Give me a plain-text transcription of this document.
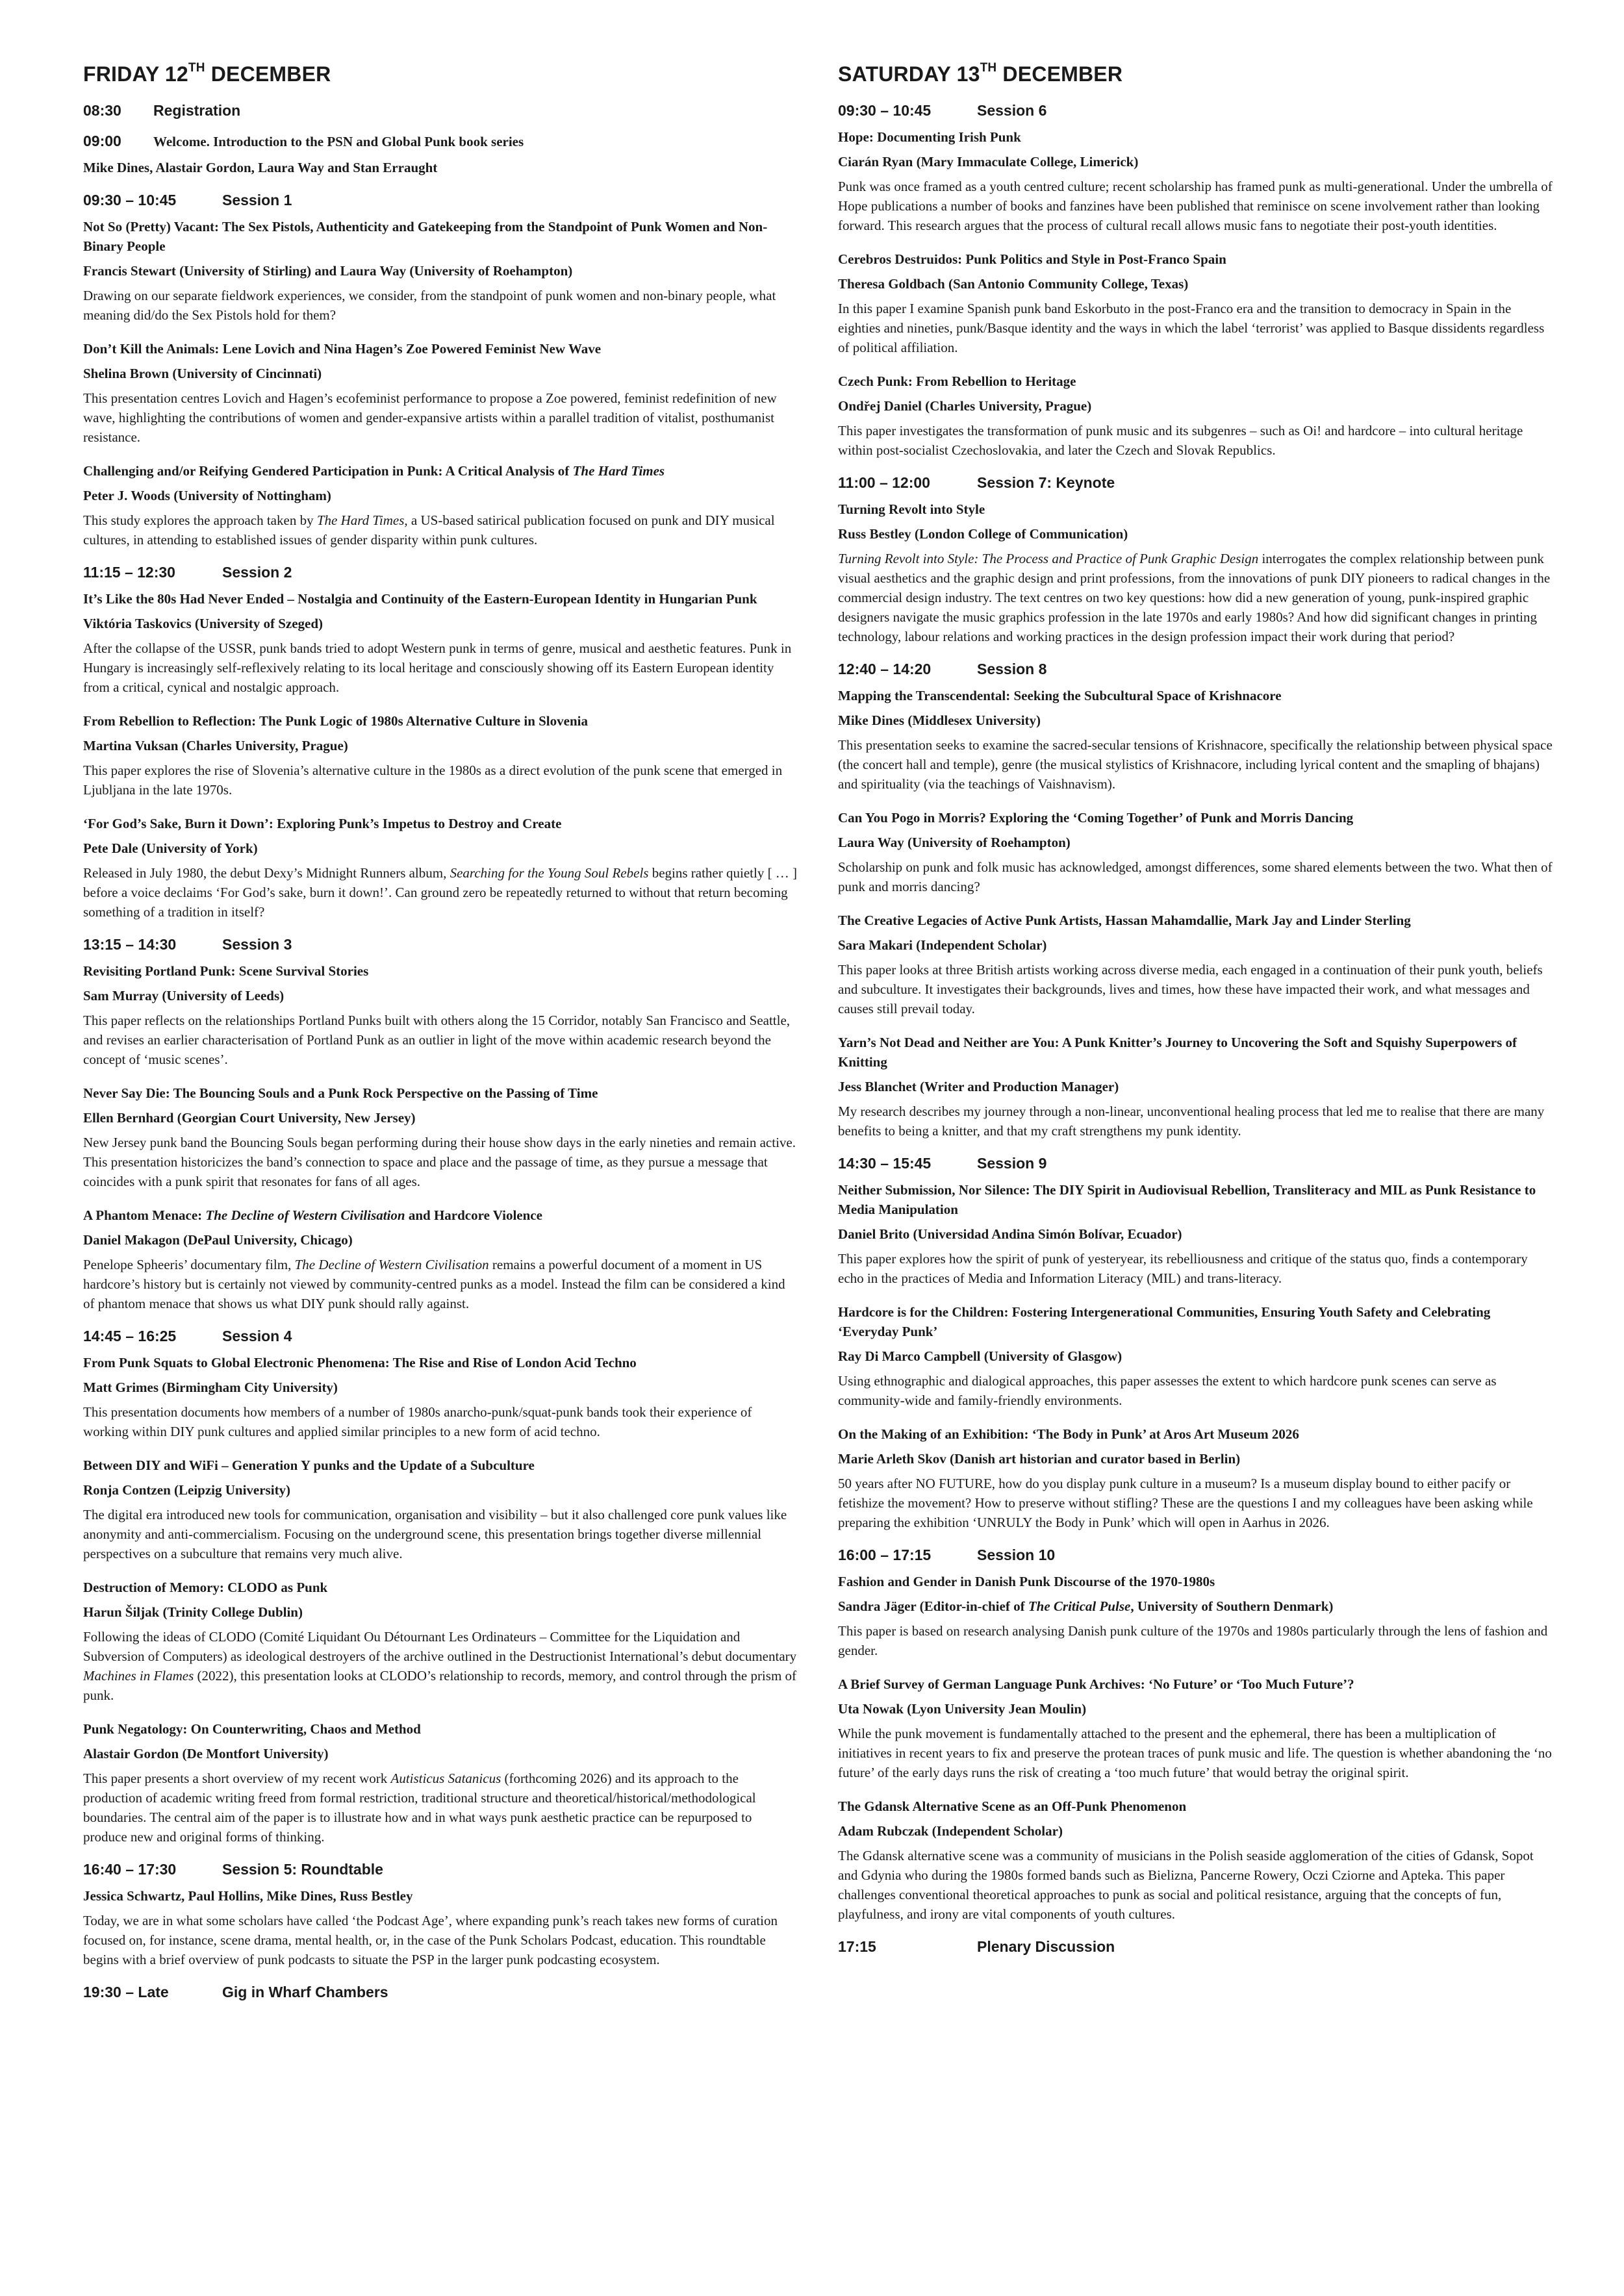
FRIDAY 12TH DECEMBER
08:30	Registration
09:00	Welcome. Introduction to the PSN and Global Punk book series

Mike Dines, Alastair Gordon, Laura Way and Stan Erraught

09:30 – 10:45	Session 1

Not So (Pretty) Vacant: The Sex Pistols, Authenticity and Gatekeeping from the Standpoint of Punk Women and Non-Binary People

Francis Stewart (University of Stirling) and Laura Way (University of Roehampton)

Drawing on our separate fieldwork experiences, we consider, from the standpoint of punk women and non-binary people, what meaning did/do the Sex Pistols hold for them?

Don’t Kill the Animals: Lene Lovich and Nina Hagen’s Zoe Powered Feminist New Wave

Shelina Brown (University of Cincinnati)

This presentation centres Lovich and Hagen’s ecofeminist performance to propose a Zoe powered, feminist redefinition of new wave, highlighting the contributions of women and gender-expansive artists within a parallel tradition of vitalist, posthumanist resistance.

Challenging and/or Reifying Gendered Participation in Punk: A Critical Analysis of The Hard Times

Peter J. Woods (University of Nottingham)

This study explores the approach taken by The Hard Times, a US-based satirical publication focused on punk and DIY musical cultures, in attending to established issues of gender disparity within punk cultures.

11:15 – 12:30	Session 2

It’s Like the 80s Had Never Ended – Nostalgia and Continuity of the Eastern-European Identity in Hungarian Punk

Viktória Taskovics (University of Szeged)

After the collapse of the USSR, punk bands tried to adopt Western punk in terms of genre, musical and aesthetic features. Punk in Hungary is increasingly self-reflexively relating to its local heritage and consciously showing off its Eastern European identity from a critical, cynical and nostalgic approach.

From Rebellion to Reflection: The Punk Logic of 1980s Alternative Culture in Slovenia

Martina Vuksan (Charles University, Prague)

This paper explores the rise of Slovenia’s alternative culture in the 1980s as a direct evolution of the punk scene that emerged in Ljubljana in the late 1970s.

‘For God’s Sake, Burn it Down’: Exploring Punk’s Impetus to Destroy and Create

Pete Dale (University of York)

Released in July 1980, the debut Dexy’s Midnight Runners album, Searching for the Young Soul Rebels begins rather quietly [ … ] before a voice declaims ‘For God’s sake, burn it down!’. Can ground zero be repeatedly returned to without that return becoming something of a tradition in itself?

13:15 – 14:30	Session 3

Revisiting Portland Punk: Scene Survival Stories

Sam Murray (University of Leeds)

This paper reflects on the relationships Portland Punks built with others along the 15 Corridor, notably San Francisco and Seattle, and revises an earlier characterisation of Portland Punk as an outlier in light of the move within academic research beyond the concept of ‘music scenes’.

Never Say Die: The Bouncing Souls and a Punk Rock Perspective on the Passing of Time

Ellen Bernhard (Georgian Court University, New Jersey)

New Jersey punk band the Bouncing Souls began performing during their house show days in the early nineties and remain active. This presentation historicizes the band’s connection to space and place and the passage of time, as they pursue a message that coincides with a punk spirit that resonates for fans of all ages.

A Phantom Menace: The Decline of Western Civilisation and Hardcore Violence

Daniel Makagon (DePaul University, Chicago)

Penelope Spheeris’ documentary film, The Decline of Western Civilisation remains a powerful document of a moment in US hardcore’s history but is certainly not viewed by community-centred punks as a model. Instead the film can be considered a kind of phantom menace that shows us what DIY punk should rally against.

14:45 – 16:25	Session 4

From Punk Squats to Global Electronic Phenomena: The Rise and Rise of London Acid Techno

Matt Grimes (Birmingham City University)

This presentation documents how members of a number of 1980s anarcho-punk/squat-punk bands took their experience of working within DIY punk cultures and applied similar principles to a new form of acid techno.

Between DIY and WiFi – Generation Y punks and the Update of a Subculture

Ronja Contzen (Leipzig University)

The digital era introduced new tools for communication, organisation and visibility – but it also challenged core punk values like anonymity and anti-commercialism. Focusing on the underground scene, this presentation brings together diverse millennial perspectives on a subculture that remains very much alive.

Destruction of Memory: CLODO as Punk

Harun Šiljak (Trinity College Dublin)

Following the ideas of CLODO (Comité Liquidant Ou Détournant Les Ordinateurs – Committee for the Liquidation and Subversion of Computers) as ideological destroyers of the archive outlined in the Destructionist International’s debut documentary Machines in Flames (2022), this presentation looks at CLODO’s relationship to records, memory, and control through the prism of punk.

Punk Negatology: On Counterwriting, Chaos and Method

Alastair Gordon (De Montfort University)

This paper presents a short overview of my recent work Autisticus Satanicus (forthcoming 2026) and its approach to the production of academic writing freed from formal restriction, traditional structure and theoretical/historical/methodological boundaries. The central aim of the paper is to illustrate how and in what ways punk aesthetic practice can be repurposed to produce new and original forms of thinking.

16:40 – 17:30	Session 5: Roundtable

Jessica Schwartz, Paul Hollins, Mike Dines, Russ Bestley

Today, we are in what some scholars have called ‘the Podcast Age’, where expanding punk’s reach takes new forms of curation focused on, for instance, scene drama, mental health, or, in the case of the Punk Scholars Podcast, education. This roundtable begins with a brief overview of punk podcasts to situate the PSP in the larger punk podcasting ecosystem.

19:30 – Late	Gig in Wharf Chambers
SATURDAY 13TH DECEMBER
09:30 – 10:45	Session 6

Hope: Documenting Irish Punk

Ciarán Ryan (Mary Immaculate College, Limerick)

Punk was once framed as a youth centred culture; recent scholarship has framed punk as multi-generational. Under the umbrella of Hope publications a number of books and fanzines have been published that reminisce on scene involvement rather than looking forward. This research argues that the process of cultural recall allows music fans to negotiate their post-youth identities.

Cerebros Destruidos: Punk Politics and Style in Post-Franco Spain

Theresa Goldbach (San Antonio Community College, Texas)

In this paper I examine Spanish punk band Eskorbuto in the post-Franco era and the transition to democracy in Spain in the eighties and nineties, punk/Basque identity and the ways in which the label ‘terrorist’ was applied to Basque dissidents regardless of political affiliation.

Czech Punk: From Rebellion to Heritage

Ondřej Daniel (Charles University, Prague)

This paper investigates the transformation of punk music and its subgenres – such as Oi! and hardcore – into cultural heritage within post-socialist Czechoslovakia, and later the Czech and Slovak Republics.

11:00 – 12:00	Session 7: Keynote

Turning Revolt into Style

Russ Bestley (London College of Communication)

Turning Revolt into Style: The Process and Practice of Punk Graphic Design interrogates the complex relationship between punk visual aesthetics and the graphic design and print professions, from the innovations of punk DIY pioneers to radical changes in the commercial design industry. The text centres on two key questions: how did a new generation of young, punk-inspired graphic designers navigate the music graphics profession in the late 1970s and early 1980s? And how did significant changes in printing technology, labour relations and working practices in the design profession impact their work during that period?

12:40 – 14:20	Session 8

Mapping the Transcendental: Seeking the Subcultural Space of Krishnacore

Mike Dines (Middlesex University)

This presentation seeks to examine the sacred-secular tensions of Krishnacore, specifically the relationship between physical space (the concert hall and temple), genre (the musical stylistics of Krishnacore, including lyrical content and the smapling of bhajans) and spirituality (via the teachings of Vaishnavism).

Can You Pogo in Morris? Exploring the ‘Coming Together’ of Punk and Morris Dancing

Laura Way (University of Roehampton)

Scholarship on punk and folk music has acknowledged, amongst differences, some shared elements between the two. What then of punk and morris dancing?

The Creative Legacies of Active Punk Artists, Hassan Mahamdallie, Mark Jay and Linder Sterling

Sara Makari (Independent Scholar)

This paper looks at three British artists working across diverse media, each engaged in a continuation of their punk youth, beliefs and subculture. It investigates their backgrounds, lives and times, how these have impacted their work, and what messages and causes still prevail today.

Yarn’s Not Dead and Neither are You: A Punk Knitter’s Journey to Uncovering the Soft and Squishy Superpowers of Knitting

Jess Blanchet (Writer and Production Manager)

My research describes my journey through a non-linear, unconventional healing process that led me to realise that there are many benefits to being a knitter, and that my craft strengthens my punk identity.

14:30 – 15:45	Session 9

Neither Submission, Nor Silence: The DIY Spirit in Audiovisual Rebellion, Transliteracy and MIL as Punk Resistance to Media Manipulation

Daniel Brito (Universidad Andina Simón Bolívar, Ecuador)

This paper explores how the spirit of punk of yesteryear, its rebelliousness and critique of the status quo, finds a contemporary echo in the practices of Media and Information Literacy (MIL) and trans-literacy.

Hardcore is for the Children: Fostering Intergenerational Communities, Ensuring Youth Safety and Celebrating ‘Everyday Punk’

Ray Di Marco Campbell (University of Glasgow)

Using ethnographic and dialogical approaches, this paper assesses the extent to which hardcore punk scenes can serve as community-wide and family-friendly environments.

On the Making of an Exhibition: ‘The Body in Punk’ at Aros Art Museum 2026

Marie Arleth Skov (Danish art historian and curator based in Berlin)

50 years after NO FUTURE, how do you display punk culture in a museum? Is a museum display bound to either pacify or fetishize the movement? How to preserve without stifling? These are the questions I and my colleagues have been asking while preparing the exhibition ‘UNRULY the Body in Punk’ which will open in Aarhus in 2026.

16:00 – 17:15	Session 10

Fashion and Gender in Danish Punk Discourse of the 1970-1980s

Sandra Jäger (Editor-in-chief of The Critical Pulse, University of Southern Denmark)

This paper is based on research analysing Danish punk culture of the 1970s and 1980s particularly through the lens of fashion and gender.

A Brief Survey of German Language Punk Archives: ‘No Future’ or ‘Too Much Future’?

Uta Nowak (Lyon University Jean Moulin)

While the punk movement is fundamentally attached to the present and the ephemeral, there has been a multiplication of initiatives in recent years to fix and preserve the protean traces of punk music and life. The question is whether abandoning the ‘no future’ of the early days runs the risk of creating a ‘too much future’ that would betray the original spirit.

The Gdansk Alternative Scene as an Off-Punk Phenomenon

Adam Rubczak (Independent Scholar)

The Gdansk alternative scene was a community of musicians in the Polish seaside agglomeration of the cities of Gdansk, Sopot and Gdynia who during the 1980s formed bands such as Bielizna, Pancerne Rowery, Oczi Cziorne and Apteka. This paper challenges conventional theoretical approaches to punk as social and political resistance, arguing that the concepts of fun, playfulness, and irony are vital components of youth cultures.

17:15	Plenary Discussion
